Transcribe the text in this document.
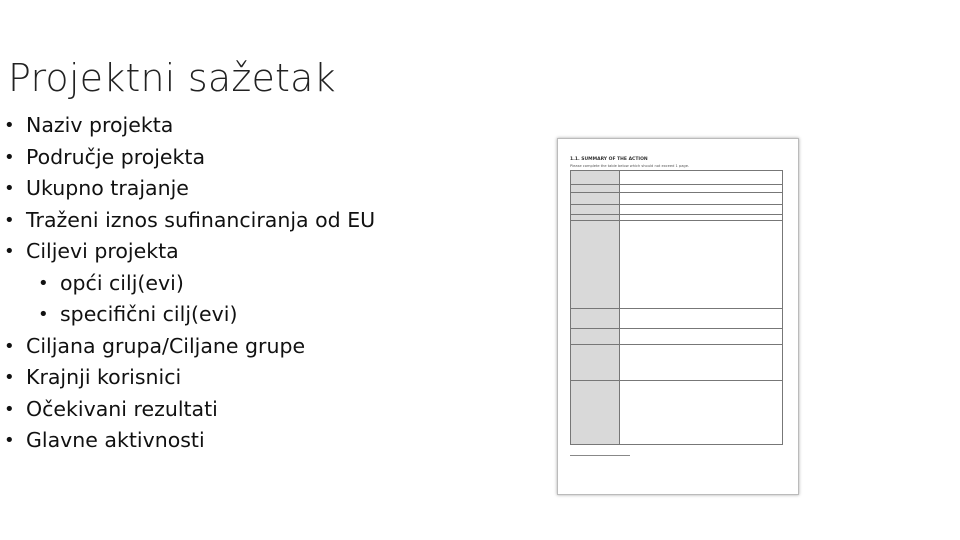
Projektni sažetak
• Naziv projekta
• Područje projekta
• Ukupno trajanje
• Traženi iznos sufinanciranja od EU
• Ciljevi projekta
• opći cilj(evi)
• specifični cilj(evi)
• Ciljana grupa/Ciljane grupe
• Krajnji korisnici
• Očekivani rezultati
• Glavne aktivnosti
1.1. SUMMARY OF THE ACTION
Please complete the table below which should not exceed 1 page.
